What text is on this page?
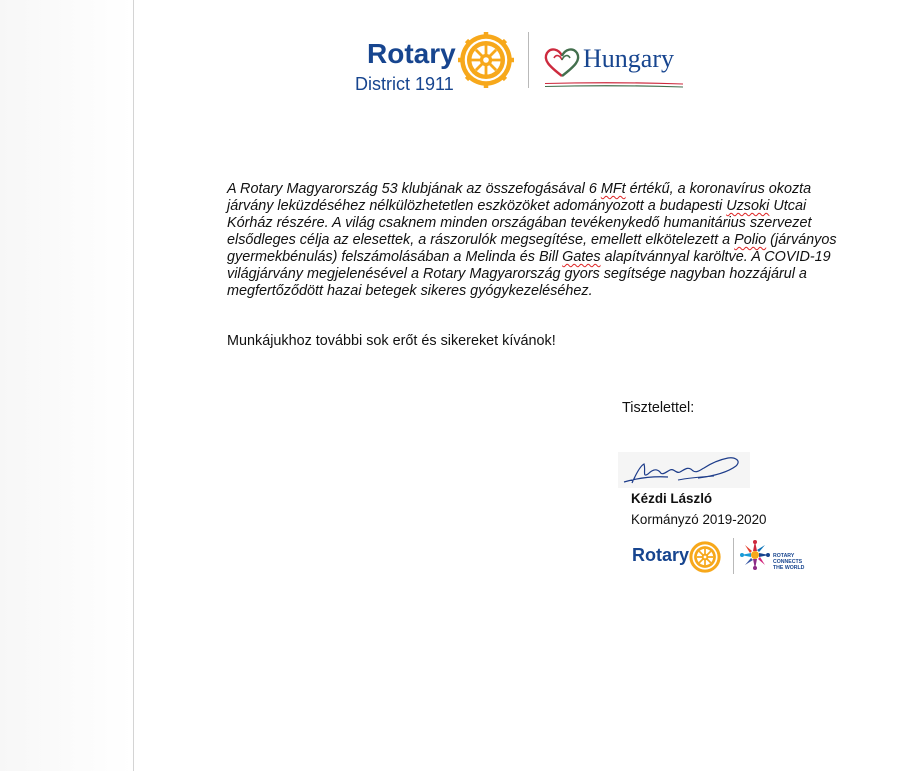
Rotary
District 1911
Hungary

A Rotary Magyarország 53 klubjának az összefogásával 6 MFt értékű, a koronavírus okozta járvány leküzdéséhez nélkülözhetetlen eszközöket adományozott a budapesti Uzsoki Utcai Kórház részére. A világ csaknem minden országában tevékenykedő humanitárius szervezet elsődleges célja az elesettek, a rászorulók megsegítése, emellett elkötelezett a Polio (járványos gyermekbénulás) felszámolásában a Melinda és Bill Gates alapítvánnyal karöltve. A COVID-19 világjárvány megjelenésével a Rotary Magyarország gyors segítsége nagyban hozzájárul a megfertőződött hazai betegek sikeres gyógykezeléséhez.

Munkájukhoz további sok erőt és sikereket kívánok!
Tisztelettel:
Kézdi László
Kormányzó 2019-2020
Rotary	ROTARY
CONNECTS
THE WORLD
